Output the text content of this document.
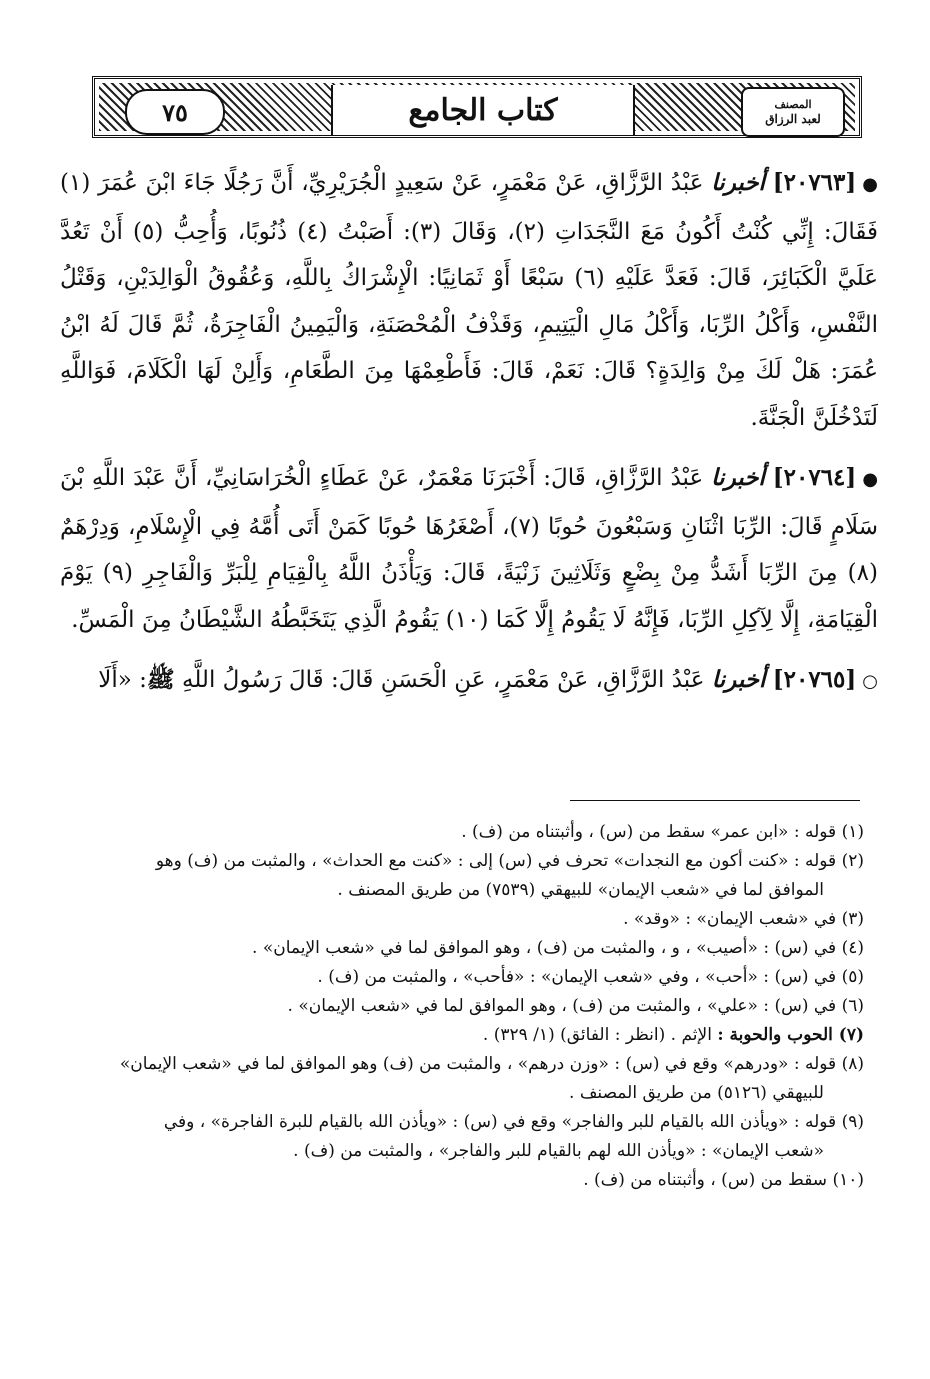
المصنف
لعبد الرزاق
كتاب الجامع
٧٥

●[٢٠٧٦٣] أخبرنا عَبْدُ الرَّزَّاقِ، عَنْ مَعْمَرٍ، عَنْ سَعِيدٍ الْجُرَيْرِيِّ، أَنَّ رَجُلًا جَاءَ ابْنَ عُمَرَ (١) فَقَالَ: إِنِّي كُنْتُ أَكُونُ مَعَ النَّجَدَاتِ (٢)، وَقَالَ (٣): أَصَبْتُ (٤) ذُنُوبًا، وَأُحِبُّ (٥) أَنْ تَعُدَّ عَلَيَّ الْكَبَائِرَ، قَالَ: فَعَدَّ عَلَيْهِ (٦) سَبْعًا أَوْ ثَمَانِيًا: الْإِشْرَاكُ بِاللَّهِ، وَعُقُوقُ الْوَالِدَيْنِ، وَقَتْلُ النَّفْسِ، وَأَكْلُ الرِّبَا، وَأَكْلُ مَالِ الْيَتِيمِ، وَقَذْفُ الْمُحْصَنَةِ، وَالْيَمِينُ الْفَاجِرَةُ، ثُمَّ قَالَ لَهُ ابْنُ عُمَرَ: هَلْ لَكَ مِنْ وَالِدَةٍ؟ قَالَ: نَعَمْ، قَالَ: فَأَطْعِمْهَا مِنَ الطَّعَامِ، وَأَلِنْ لَهَا الْكَلَامَ، فَوَاللَّهِ لَتَدْخُلَنَّ الْجَنَّةَ.

●[٢٠٧٦٤] أخبرنا عَبْدُ الرَّزَّاقِ، قَالَ: أَخْبَرَنَا مَعْمَرٌ، عَنْ عَطَاءٍ الْخُرَاسَانِيِّ، أَنَّ عَبْدَ اللَّهِ بْنَ سَلَامٍ قَالَ: الرِّبَا اثْنَانِ وَسَبْعُونَ حُوبًا (٧)، أَصْغَرُهَا حُوبًا كَمَنْ أَتَى أُمَّهُ فِي الْإِسْلَامِ، وَدِرْهَمٌ (٨) مِنَ الرِّبَا أَشَدُّ مِنْ بِضْعٍ وَثَلَاثِينَ زَنْيَةً، قَالَ: وَيَأْذَنُ اللَّهُ بِالْقِيَامِ لِلْبَرِّ وَالْفَاجِرِ (٩) يَوْمَ الْقِيَامَةِ، إِلَّا لِآكِلِ الرِّبَا، فَإِنَّهُ لَا يَقُومُ إِلَّا كَمَا (١٠) يَقُومُ الَّذِي يَتَخَبَّطُهُ الشَّيْطَانُ مِنَ الْمَسِّ.

○[٢٠٧٦٥] أخبرنا عَبْدُ الرَّزَّاقِ، عَنْ مَعْمَرٍ، عَنِ الْحَسَنِ قَالَ: قَالَ رَسُولُ اللَّهِ ﷺ: «أَلَا

(١) قوله : «ابن عمر» سقط من (س) ، وأثبتناه من (ف) .

(٢) قوله : «كنت أكون مع النجدات» تحرف في (س) إلى : «كنت مع الحداث» ، والمثبت من (ف) وهو

الموافق لما في «شعب الإيمان» للبيهقي (٧٥٣٩) من طريق المصنف .

(٣) في «شعب الإيمان» : «وقد» .

(٤) في (س) : «أصيب» ، و ، والمثبت من (ف) ، وهو الموافق لما في «شعب الإيمان» .

(٥) في (س) : «أحب» ، وفي «شعب الإيمان» : «فأحب» ، والمثبت من (ف) .

(٦) في (س) : «علي» ، والمثبت من (ف) ، وهو الموافق لما في «شعب الإيمان» .

(٧) الحوب والحوبة : الإثم . (انظر : الفائق) (١/ ٣٢٩) .

(٨) قوله : «ودرهم» وقع في (س) : «وزن درهم» ، والمثبت من (ف) وهو الموافق لما في «شعب الإيمان»

للبيهقي (٥١٢٦) من طريق المصنف .

(٩) قوله : «ويأذن الله بالقيام للبر والفاجر» وقع في (س) : «ويأذن الله بالقيام للبرة الفاجرة» ، وفي

«شعب الإيمان» : «ويأذن الله لهم بالقيام للبر والفاجر» ، والمثبت من (ف) .

(١٠) سقط من (س) ، وأثبتناه من (ف) .
